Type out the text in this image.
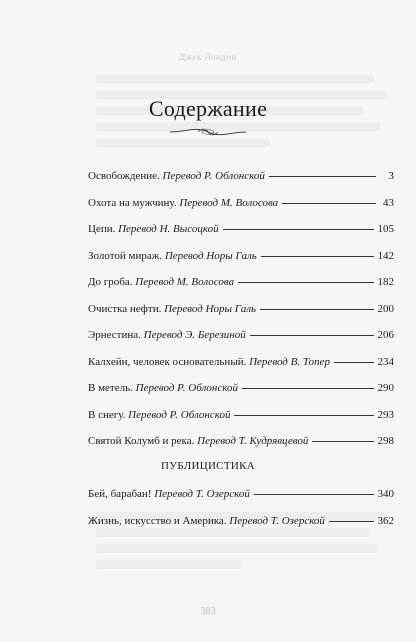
Джек Лондон
Содержание
Освобождение. Перевод Р. Облонской	3
Охота на мужчину. Перевод М. Волосова	43
Цепи. Перевод Н. Высоцкой	105
Золотой мираж. Перевод Норы Галь	142
До гроба. Перевод М. Волосова	182
Очистка нефти. Перевод Норы Галь	200
Эрнестина. Перевод Э. Березиной	206
Калхейн, человек основательный. Перевод В. Топер	234
В метель. Перевод Р. Облонской	290
В снегу. Перевод Р. Облонской	293
Святой Колумб и река. Перевод Т. Кудрявцевой	298
ПУБЛИЦИСТИКА
Бей, барабан! Перевод Т. Озерской	340
Жизнь, искусство и Америка. Перевод Т. Озерской	362
383
